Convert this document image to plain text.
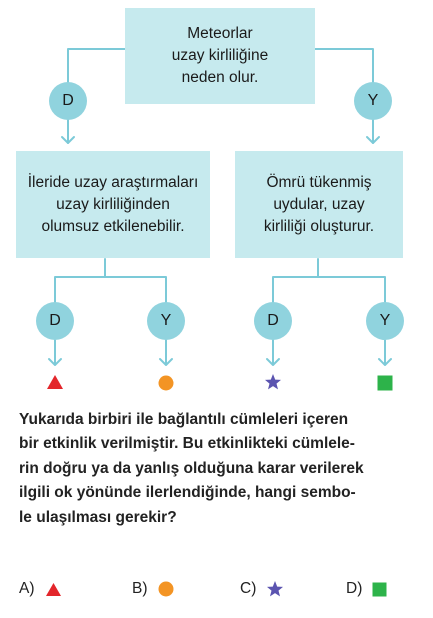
Meteorlar
uzay kirliliğine
neden olur.
D	Y
İleride uzay araştırmaları
uzay kirliliğinden
olumsuz etkilenebilir.
Ömrü tükenmiş
uydular, uzay
kirliliği oluşturur.
D	Y	D	Y
Yukarıda birbiri ile bağlantılı cümleleri içeren
bir etkinlik verilmiştir. Bu etkinlikteki cümlele-
rin doğru ya da yanlış olduğuna karar verilerek
ilgili ok yönünde ilerlendiğinde, hangi sembo-
le ulaşılması gerekir?
A)	B)	C)	D)
